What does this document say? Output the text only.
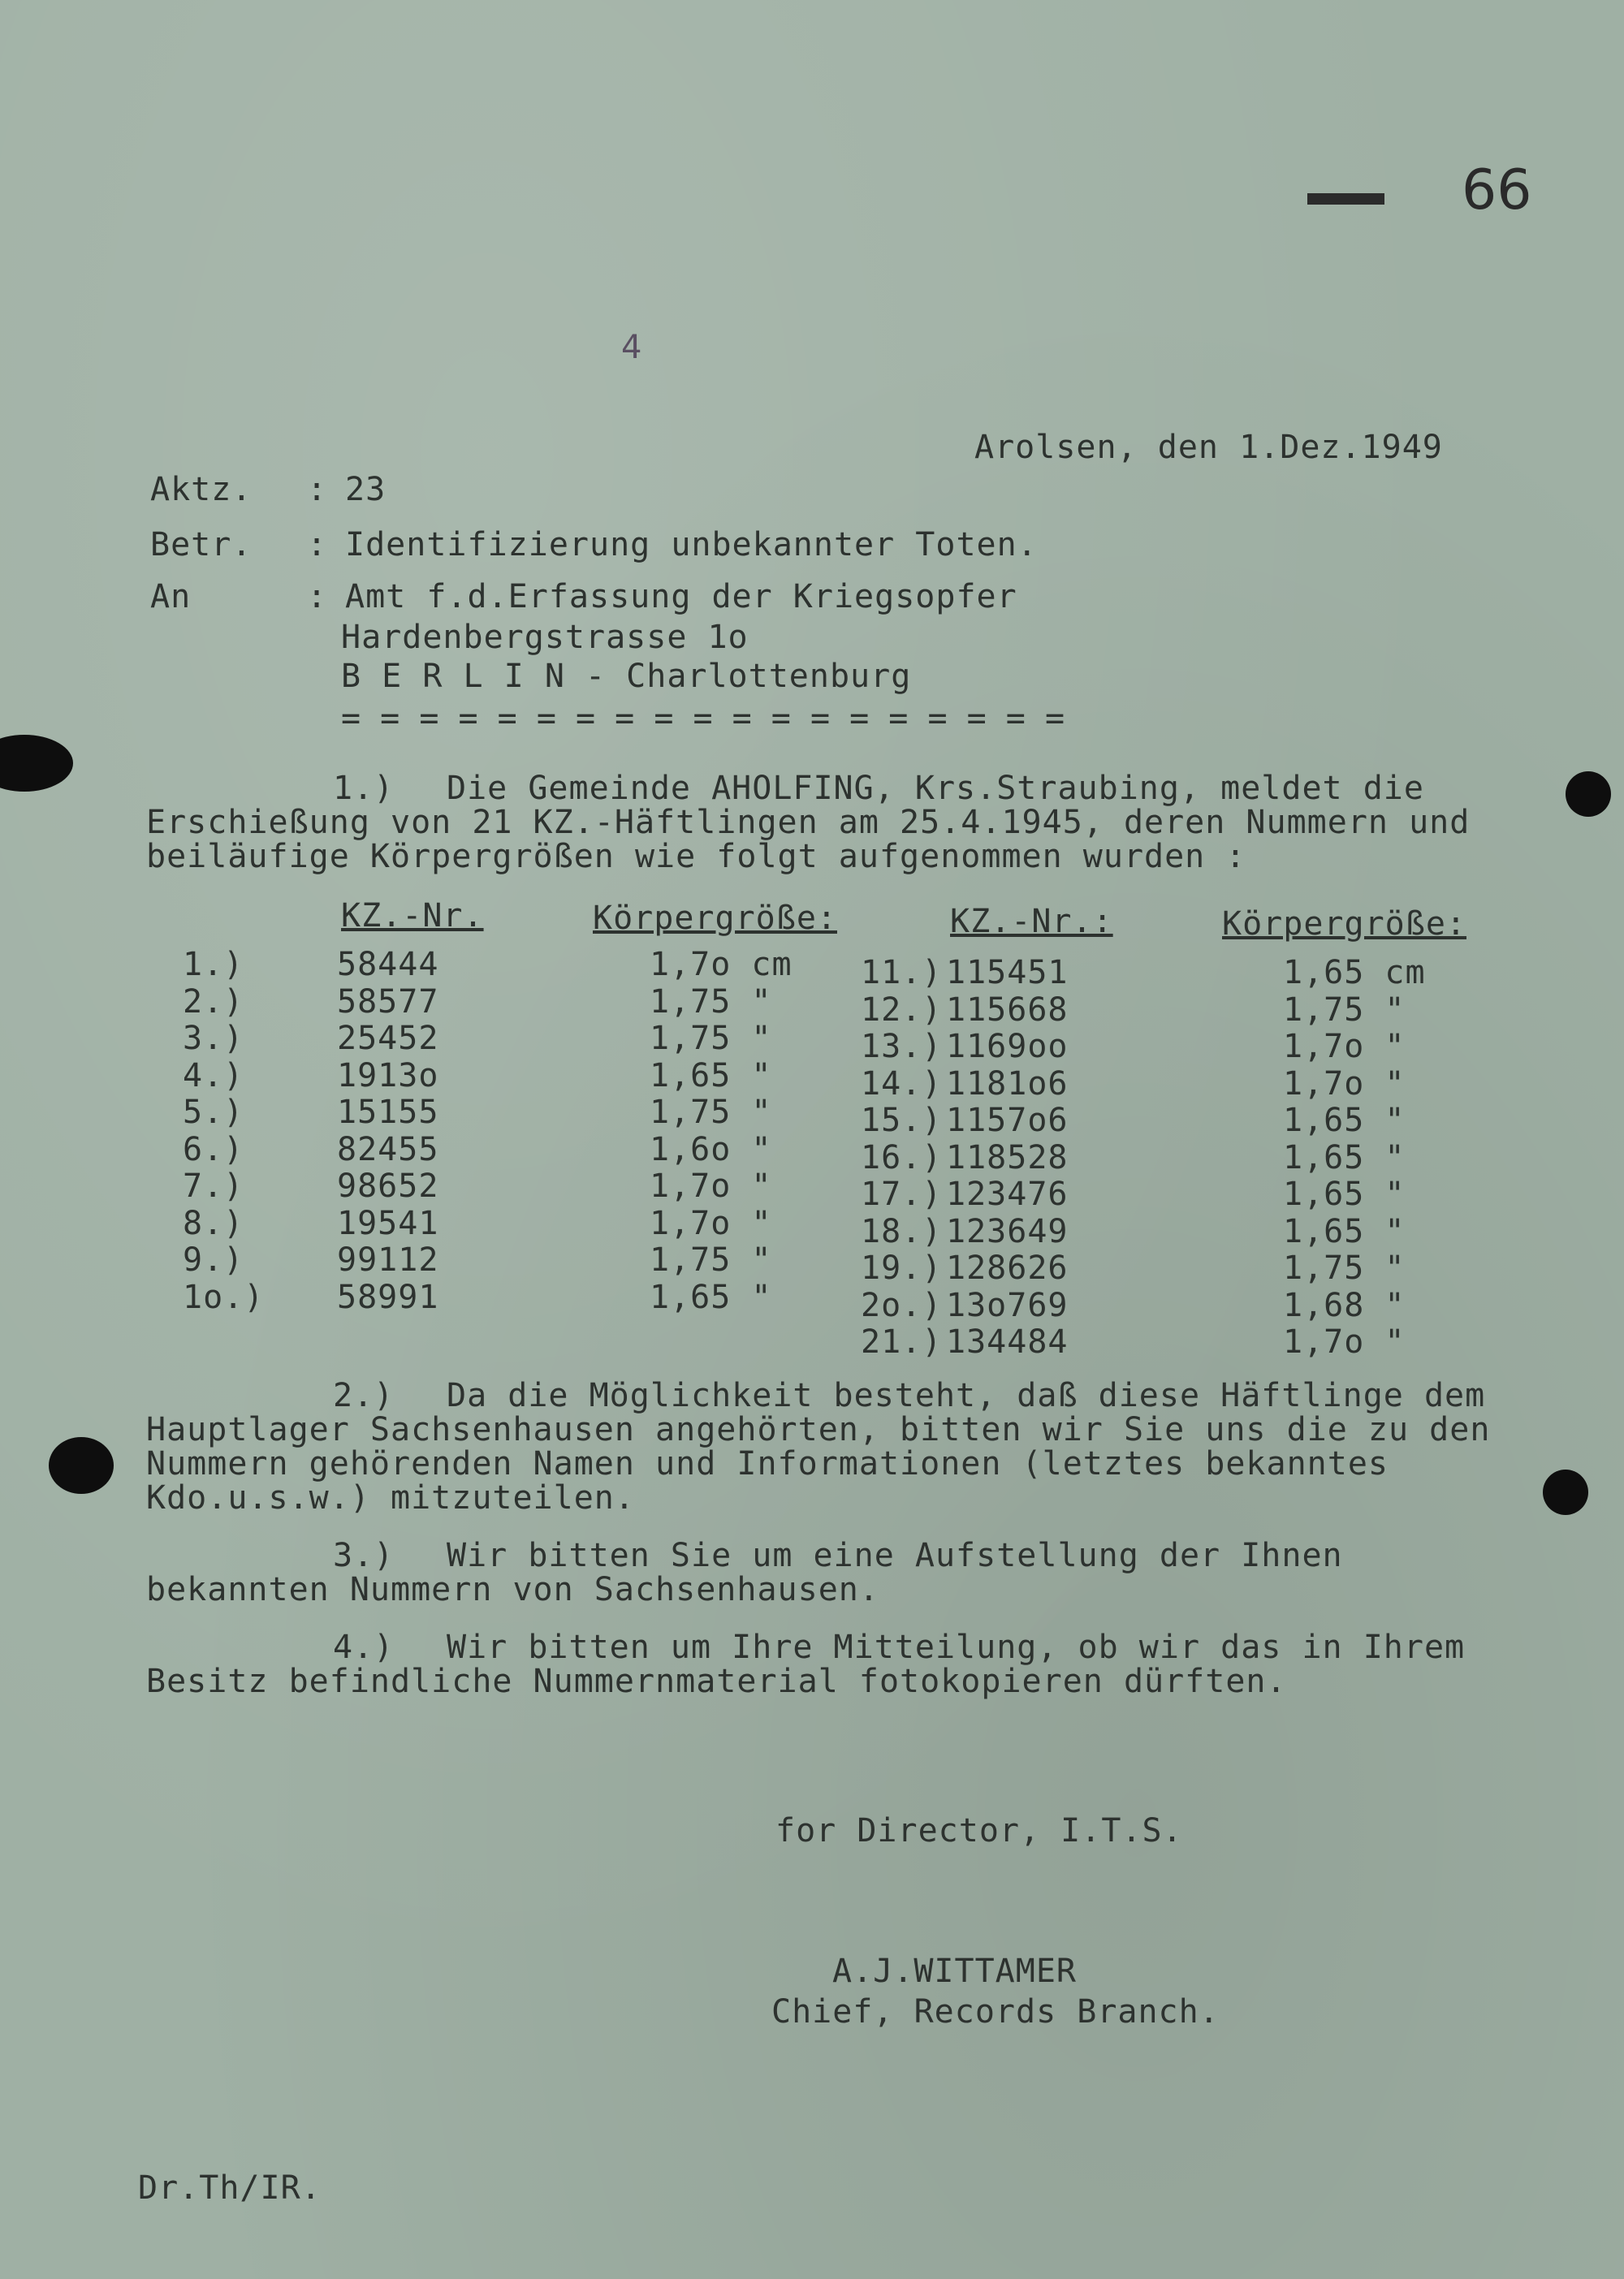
66
4
Arolsen, den 1.Dez.1949
Aktz. : 23
Betr. : Identifizierung unbekannter Toten.
An	: Amt f.d.Erfassung der Kriegsopfer
Hardenbergstrasse 1o
B E R L I N - Charlottenburg
= = = = = = = = = = = = = = = = = = =
1.) Die Gemeinde AHOLFING, Krs.Straubing, meldet die Erschießung von 21 KZ.-Häftlingen am 25.4.1945, deren Nummern und beiläufige Körpergrößen wie folgt aufgenommen wurden :
KZ.-Nr.	Körpergröße:	KZ.-Nr.:	Körpergröße:
1.)	58444	1,7o cm
2.)	58577	1,75 "
3.)	25452	1,75 "
4.)	1913o	1,65 "
5.)	15155	1,75 "
6.)	82455	1,6o "
7.)	98652	1,7o "
8.)	19541	1,7o "
9.)	99112	1,75 "
1o.) 58991	1,65 "
11.) 115451	1,65 cm
12.) 115668	1,75 "
13.) 1169oo	1,7o "
14.) 1181o6	1,7o "
15.) 1157o6	1,65 "
16.) 118528	1,65 "
17.) 123476	1,65 "
18.) 123649	1,65 "
19.) 128626	1,75 "
2o.) 13o769	1,68 "
21.) 134484	1,7o "
2.) Da die Möglichkeit besteht, daß diese Häftlinge dem Hauptlager Sachsenhausen angehörten, bitten wir Sie uns die zu den Nummern gehörenden Namen und Informationen (letztes bekanntes Kdo.u.s.w.) mitzuteilen.
3.) Wir bitten Sie um eine Aufstellung der Ihnen bekannten Nummern von Sachsenhausen.
4.) Wir bitten um Ihre Mitteilung, ob wir das in Ihrem Besitz befindliche Nummernmaterial fotokopieren dürften.
for Director, I.T.S.
A.J.WITTAMER
Chief, Records Branch.
Dr.Th/IR.
